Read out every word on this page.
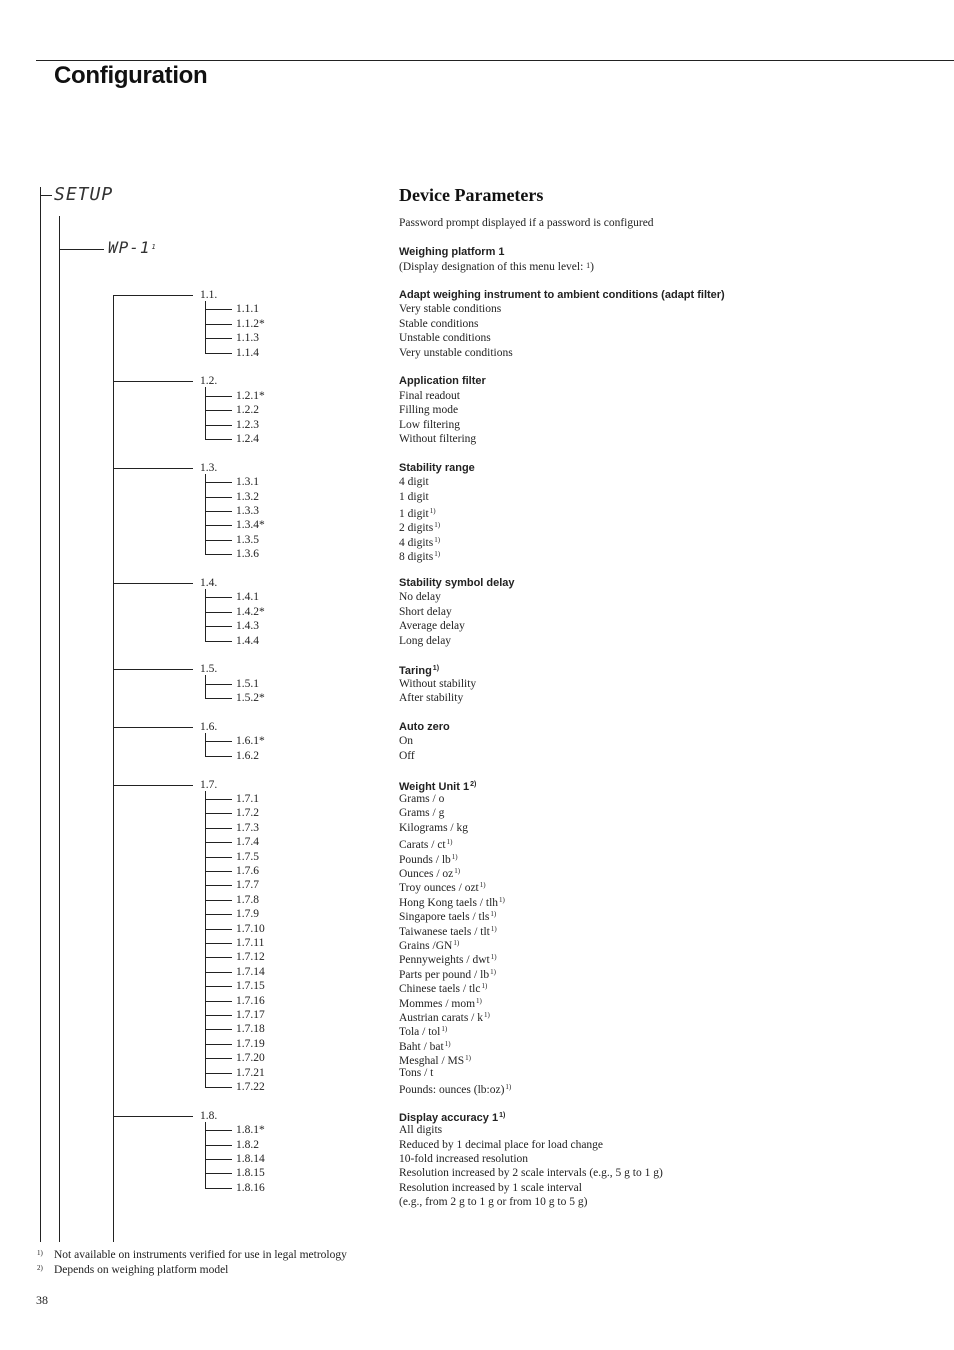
Configuration
SETUP
$WP-1^1$
Device Parameters
Password prompt displayed if a password is configured
Weighing platform 1
(Display designation of this menu level: 1)
1.1.	Adapt weighing instrument to ambient conditions (adapt filter)
1.1.1	Very stable conditions
1.1.2*	Stable conditions
1.1.3	Unstable conditions
1.1.4	Very unstable conditions
1.2.	Application filter
1.2.1*	Final readout
1.2.2	Filling mode
1.2.3	Low filtering
1.2.4	Without filtering
1.3.	Stability range
1.3.1	4 digit
1.3.2	1 digit
1.3.3	1 digit$^{1)}$
1.3.4*	2 digits$^{1)}$
1.3.5	4 digits$^{1)}$
1.3.6	8 digits$^{1)}$
1.4.	Stability symbol delay
1.4.1	No delay
1.4.2*	Short delay
1.4.3	Average delay
1.4.4	Long delay
1.5.	Taring$^{1)}$
1.5.1	Without stability
1.5.2*	After stability
1.6.	Auto zero
1.6.1*	On
1.6.2	Off
1.7.	Weight Unit 1$^{2)}$
1.7.1	Grams / o
1.7.2	Grams / g
1.7.3	Kilograms / kg
1.7.4	Carats / $ct^{1)}$
1.7.5	Pounds / $lb^{1)}$
1.7.6	Ounces / $oz^{1)}$
1.7.7	Troy ounces / ozt$^{1)}$
1.7.8	Hong Kong taels / tlh$^{1)}$
1.7.9	Singapore taels / tls$^{1)}$
1.7.10	Taiwanese taels / tlt$^{1)}$
1.7.11	Grains /GN$^{1)}$
1.7.12	Pennyweights / dwt$^{1)}$
1.7.14	Parts per pound / $lb^{1)}$
1.7.15	Chinese taels / tlc$^{1)}$
1.7.16	Mommes / mom$^{1)}$
1.7.17	Austrian carats / $k^{1)}$
1.7.18	Tola / tol$^{1)}$
1.7.19	Baht / bat$^{1)}$
1.7.20	Mesghal / MS$^{1)}$
1.7.21	Tons / t
1.7.22	Pounds: ounces (lb:oz)$^{1)}$
1.8.	Display accuracy 1$^{1)}$
1.8.1*	All digits
1.8.2	Reduced by 1 decimal place for load change
1.8.14	10-fold increased resolution
1.8.15	Resolution increased by 2 scale intervals (e.g., 5 g to 1 g)
1.8.16	Resolution increased by 1 scale interval
(e.g., from 2 g to 1 g or from 10 g to 5 g)
1) Not available on instruments verified for use in legal metrology
2) Depends on weighing platform model
38
